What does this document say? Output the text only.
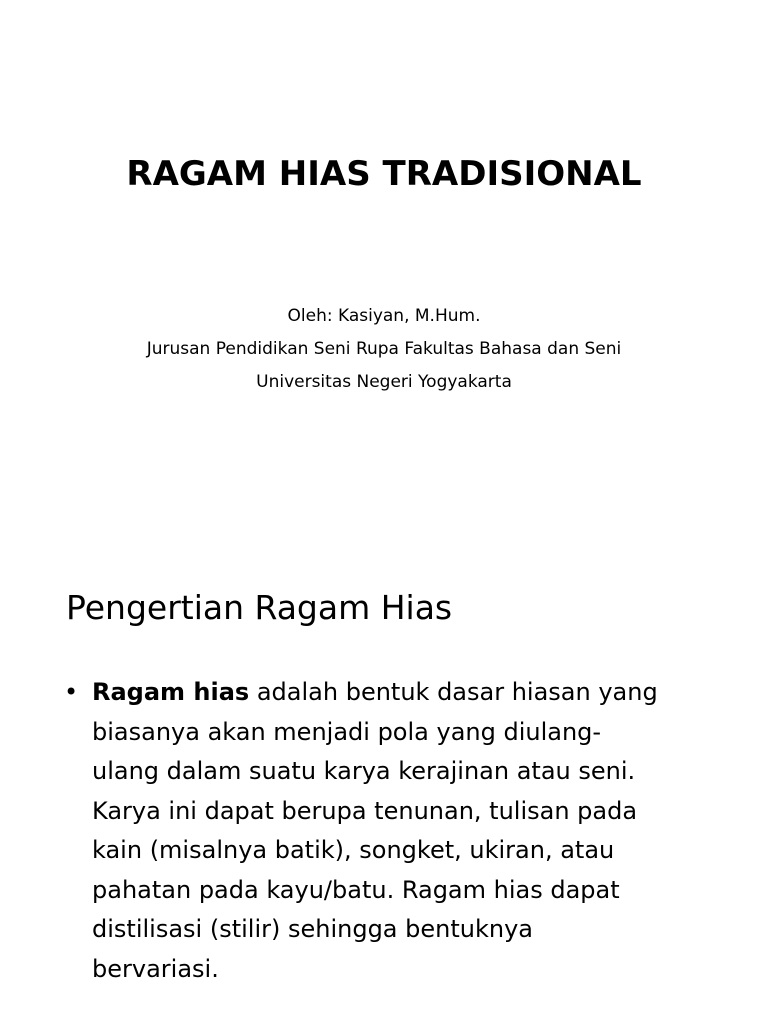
RAGAM HIAS TRADISIONAL
Oleh: Kasiyan, M.Hum.
Jurusan Pendidikan Seni Rupa Fakultas Bahasa dan Seni
Universitas Negeri Yogyakarta
Pengertian Ragam Hias
• Ragam hias adalah bentuk dasar hiasan yang
biasanya akan menjadi pola yang diulang-
ulang dalam suatu karya kerajinan atau seni.
Karya ini dapat berupa tenunan, tulisan pada
kain (misalnya batik), songket, ukiran, atau
pahatan pada kayu/batu. Ragam hias dapat
distilisasi (stilir) sehingga bentuknya
bervariasi.
